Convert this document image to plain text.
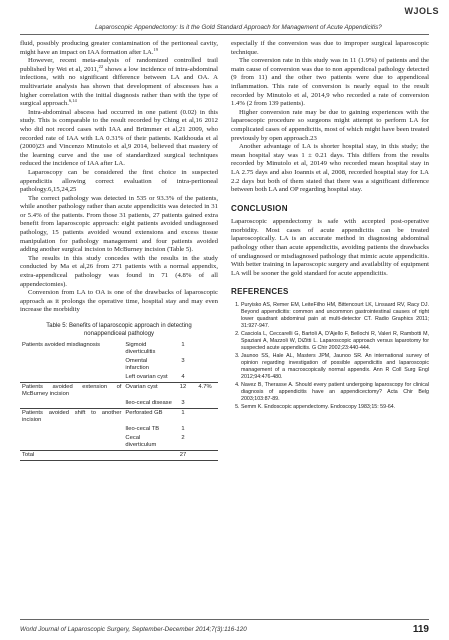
WJOLS
Laparoscopic Appendectomy: Is it the Gold Standard Approach for Management of Acute Appendicitis?

fluid, possibly producing greater contamination of the peritoneal cavity, might have an impact on IAA formation after LA.$^{19}$

However, recent meta-analysis of randomized controlled trail published by Wei et al, 2011,22 shows a low incidence of intra-abdominal infections, with no significant difference between LA and OA. A multivariate analysis has shown that development of abscesses has a higher correlation with the initial diagnosis rather than with the type of surgical approach.$^{6,14}$

Intra-abdominal abscess had occurred in one patient (0.02) in this study. This is comparable to the result recorded by Ching et al,16 2012 who did not record cases with IAA and Brümmer et al,21 2009, who recorded rate of IAA with LA 0.31% of their patients. Katkhouda et al (2000)23 and Vincenzo Minutolo et al,9 2014, believed that mastery of the learning curve and the use of standardized surgical techniques reduced the incidence of IAA after LA.

Laparoscopy can be considered the first choice in suspected appendicitis allowing correct evaluation of intra-peritoneal pathology.6,15,24,25

The correct pathology was detected in 535 or 93.3% of the patients, while another pathology rather than acute appendicitis was detected in 31 or 5.4% of the patients. From those 31 patients, 27 patients gained extra benefit from laparoscopic approach: eight patients avoided undiagnosed pathology, 15 patients avoided wound extensions and excess tissue manipulation for pathology management and four patients avoided adding another surgical incision to McBurney incision (Table 5).

The results in this study concedes with the results in the study conducted by Ma et al,26 from 271 patients with a normal appendix, extra-appendiceal pathology was found in 71 (4.8% of all appendectomies).

Conversion from LA to OA is one of the drawbacks of laparoscopic approach as it prolongs the operative time, hospital stay and may even increase the morbidity

Table 5: Benefits of laparoscopic approach in detecting
nonappendiceal pathology
Patients avoided misdiagnosis	Sigmoid diverticulitis	1	
	Omental infarction	3	
	Left ovarian cyst	4	
Patients avoided extension of McBurney incision	Ovarian cyst	12	4.7%
	Ileo-cecal disease	3	
Patients avoided shift to another incision	Perforated GB	1	
	Ileo-cecal TB	1	
	Cecal diverticulum	2	
Total		27	

especially if the conversion was due to improper surgical laparoscopic technique.

The conversion rate in this study was in 11 (1.9%) of patients and the main cause of conversion was due to non appendiceal pathology detected (9 from 11) and the other two patients were due to appendiceal inflammation. This rate of conversion is nearly equal to the result recorded by Minutolo et al, 2014,9 who recorded a rate of conversion 1.4% (2 from 139 patients).

Higher conversion rate may be due to gaining experiences with the laparoscopic procedure so surgeons might attempt to perform LA for complicated cases of appendicitis, most of which might have been treated previously by open approach.23

Another advantage of LA is shorter hospital stay, in this study; the mean hospital stay was 1 ± 0.21 days. This differs from the results recorded by Minutolo et al, 20149 who recorded mean hospital stay in LA 2.75 days and also Ioannis et al, 2008, recorded hospital stay for LA 2.2 days but both of them stated that there was a significant difference between both LA and OP regarding hospital stay.

CONCLUSION

Laparoscopic appendectomy is safe with accepted post-operative morbidity. Most cases of acute appendicitis can be treated laparoscopically. LA is an accurate method in diagnosing abdominal pathology other than acute appendicitis, avoiding patients the drawbacks of undiagnosed or misdiagnosed pathology that mimic acute appendicitis. With better training in laparoscopic surgery and availability of equipment LA will be sooner the gold standard for acute appendicitis.

REFERENCES
1. Puryisko AS, Remer EM, LeiteFilho HM, Bittencourt LK, Linsaard RV, Racy DJ. Beyond appendicitis: common and uncommon gastrointestinal causes of right lower quadrant abdominal pain at multi-detector CT. Radio Graphics 2011; 31:927-947.
2. Casciola L, Ceccarelli G, Bartoli A, D'Ajello F, Bellochi R, Valeri R, Rambotti M, Spaziani A, Mazzoli W, DiZitti L. Laparoscopic approach versus laparotomy for suspected acute appendicitis. G Chir 2002;23:440-444.
3. Jaunoo SS, Hale AL, Masters JPM, Jaunoo SR. An international survey of opinion regarding investigation of possible appendicitis and laparoscopic management of a macroscopically normal appendix. Ann R Coll Surg Engl 2012;94:476-480.
4. Navez B, Therasse A. Should every patient undergoing laparoscopy for clinical diagnosis of appendicitis have an appendicectomy? Acta Chir Belg 2003;103:87-89.
5. Semm K. Endoscopic appendectomy. Endoscopy 1983;15: 59-64.
World Journal of Laparoscopic Surgery, September-December 2014;7(3):116-120	119
